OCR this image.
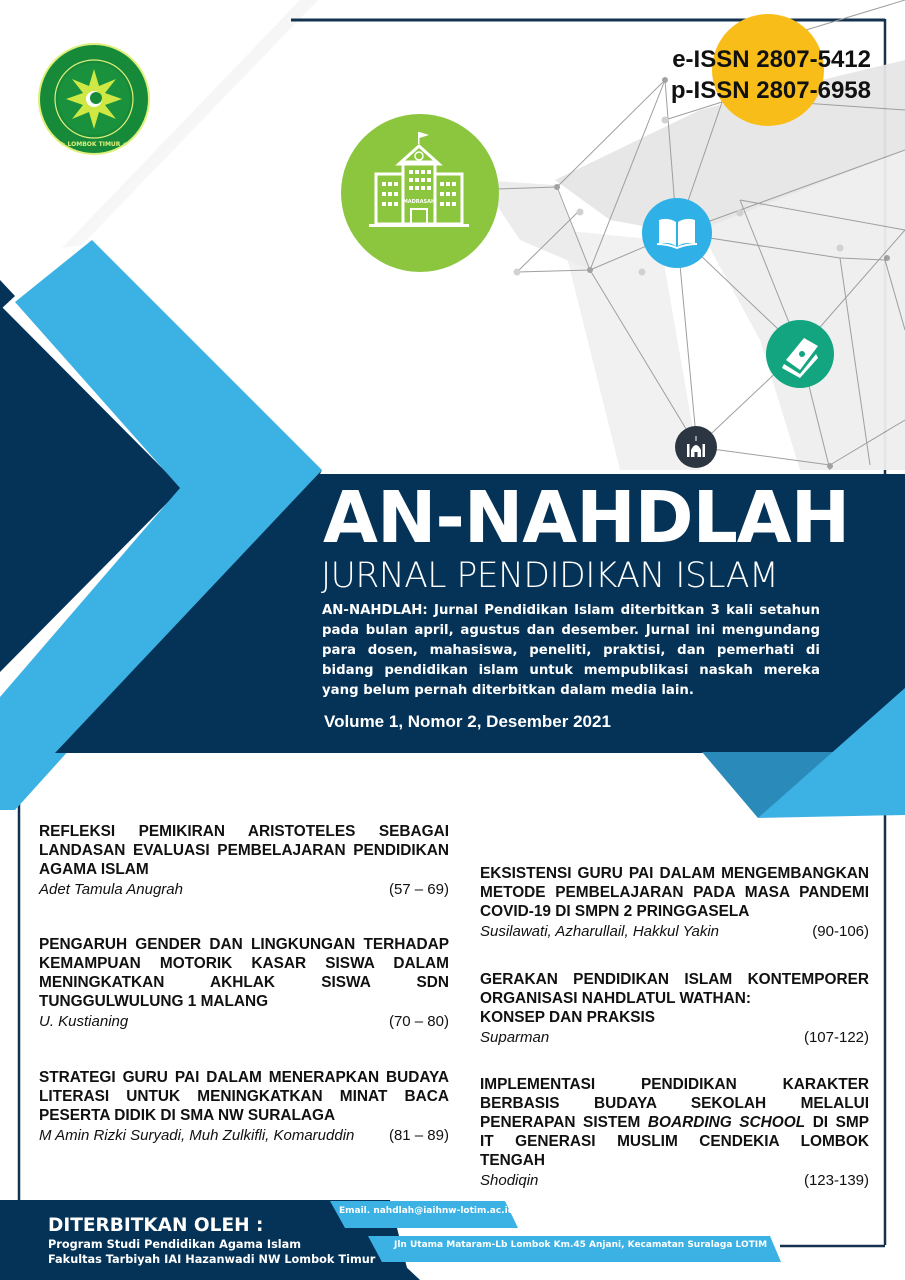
★ LOMBOK TIMUR ★
e-ISSN 2807-5412
p-ISSN 2807-6958
MADRASAH
AN-NAHDLAH
JURNAL PENDIDIKAN ISLAM
AN-NAHDLAH: Jurnal Pendidikan Islam diterbitkan 3 kali setahun pada bulan april, agustus dan desember. Jurnal ini mengundang para dosen, mahasiswa, peneliti, praktisi, dan pemerhati di bidang pendidikan islam untuk mempublikasi naskah mereka yang belum pernah diterbitkan dalam media lain.
Volume 1, Nomor 2, Desember 2021
REFLEKSI PEMIKIRAN ARISTOTELES SEBAGAI LANDASAN EVALUASI PEMBELAJARAN PENDIDIKAN AGAMA ISLAM
Adet Tamula Anugrah	(57 – 69)
PENGARUH GENDER DAN LINGKUNGAN TERHADAP KEMAMPUAN MOTORIK KASAR SISWA DALAM MENINGKATKAN AKHLAK SISWA SDN TUNGGULWULUNG 1 MALANG
U. Kustianing	(70 – 80)
STRATEGI GURU PAI DALAM MENERAPKAN BUDAYA LITERASI UNTUK MENINGKATKAN MINAT BACA PESERTA DIDIK DI SMA NW SURALAGA
M Amin Rizki Suryadi, Muh Zulkifli, Komaruddin (81 – 89)
EKSISTENSI GURU PAI DALAM MENGEMBANGKAN METODE PEMBELAJARAN PADA MASA PANDEMI COVID-19 DI SMPN 2 PRINGGASELA
Susilawati, Azharullail, Hakkul Yakin	(90-106)
GERAKAN PENDIDIKAN ISLAM KONTEMPORER
ORGANISASI NAHDLATUL WATHAN:
KONSEP DAN PRAKSIS
Suparman	(107-122)
IMPLEMENTASI PENDIDIKAN KARAKTER BERBASIS BUDAYA SEKOLAH MELALUI PENERAPAN SISTEM BOARDING SCHOOL DI SMP IT GENERASI MUSLIM CENDEKIA LOMBOK TENGAH
Shodiqin	(123-139)
DITERBITKAN OLEH :
Program Studi Pendidikan Agama Islam
Fakultas Tarbiyah IAI Hazanwadi NW Lombok Timur
Email. nahdlah@iaihnw-lotim.ac.id
Jln Utama Mataram-Lb Lombok Km.45 Anjani, Kecamatan Suralaga LOTIM
